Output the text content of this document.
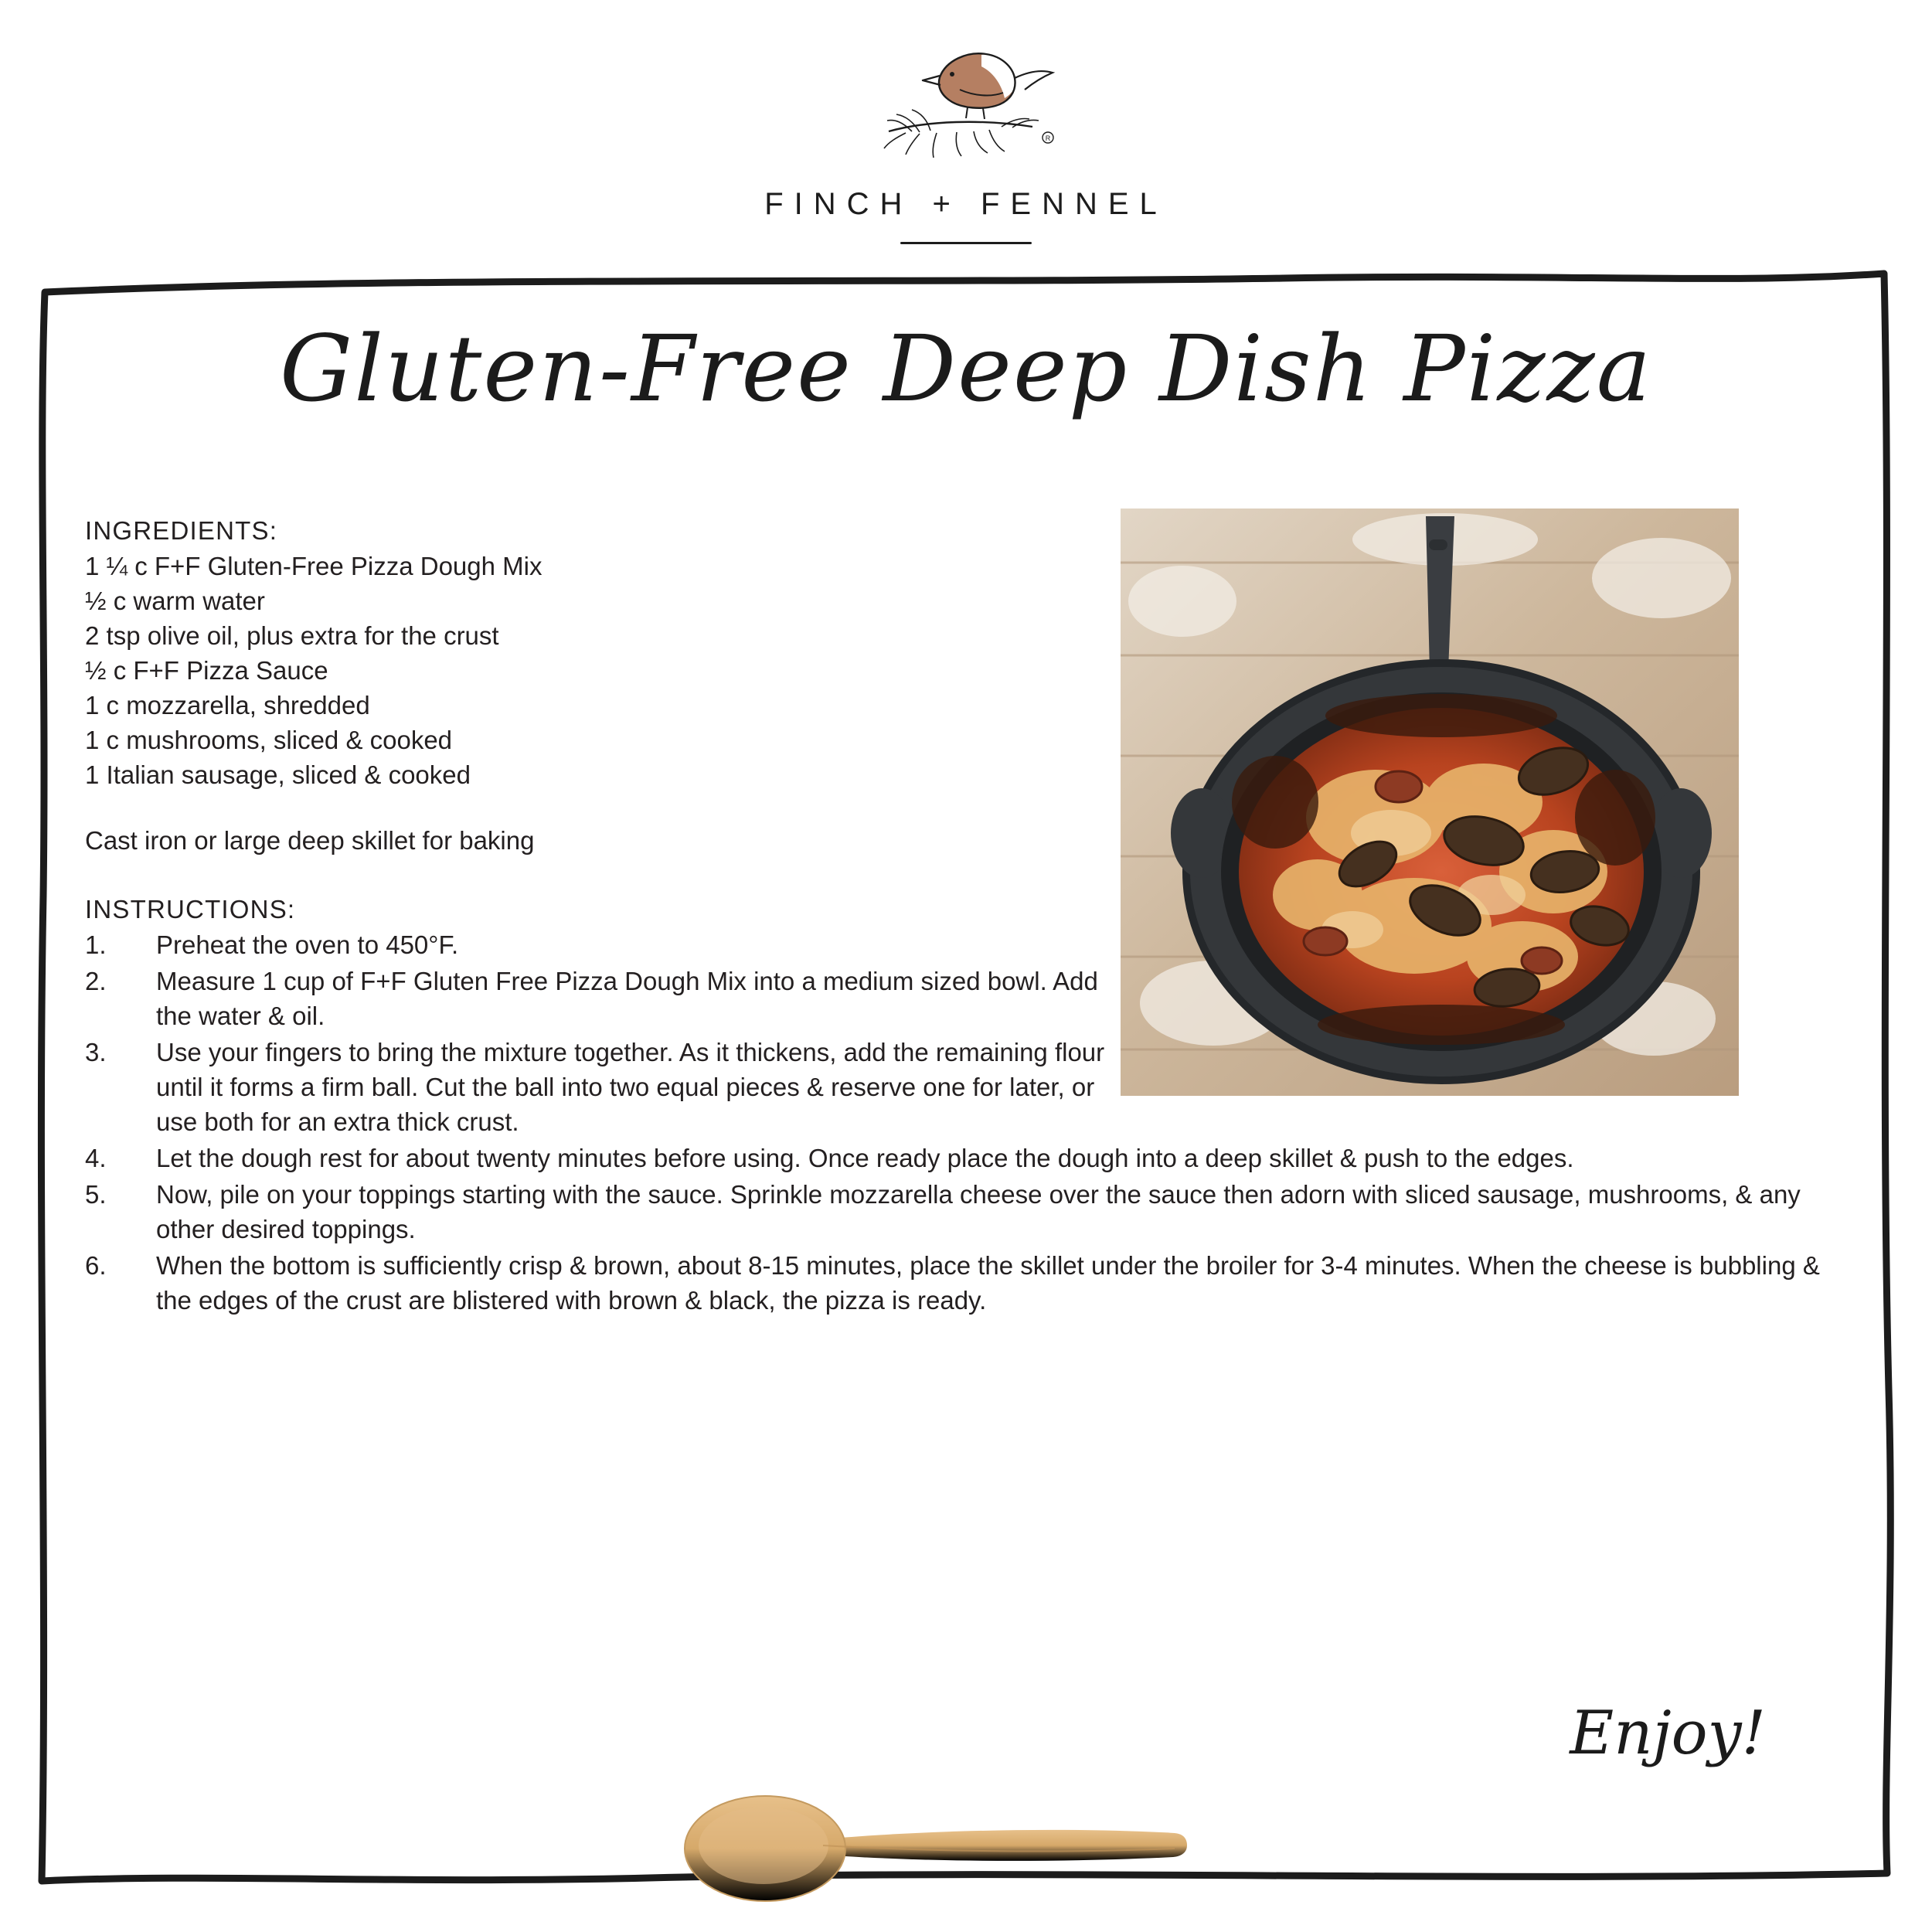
R
FINCH + FENNEL
Gluten-Free Deep Dish Pizza
INGREDIENTS:
1 ¼ c F+F Gluten-Free Pizza Dough Mix
½ c warm water
2 tsp olive oil, plus extra for the crust
½ c F+F Pizza Sauce
1 c mozzarella, shredded
1 c mushrooms, sliced & cooked
1 Italian sausage, sliced & cooked
Cast iron or large deep skillet for baking
INSTRUCTIONS:
1.	Preheat the oven to 450°F.
2.	Measure 1 cup of F+F Gluten Free Pizza Dough Mix into a medium sized bowl. Add the water & oil.
3.	Use your fingers to bring the mixture together. As it thickens, add the remaining flour until it forms a firm ball. Cut the ball into two equal pieces & reserve one for later, or use both for an extra thick crust.
4.	Let the dough rest for about twenty minutes before using. Once ready place the dough into a deep skillet & push to the edges.
5.	Now, pile on your toppings starting with the sauce. Sprinkle mozzarella cheese over the sauce then adorn with sliced sausage, mushrooms, & any other desired toppings.
6.	When the bottom is sufficiently crisp & brown, about 8-15 minutes, place the skillet under the broiler for 3-4 minutes. When the cheese is bubbling & the edges of the crust are blistered with brown & black, the pizza is ready.
Enjoy!
